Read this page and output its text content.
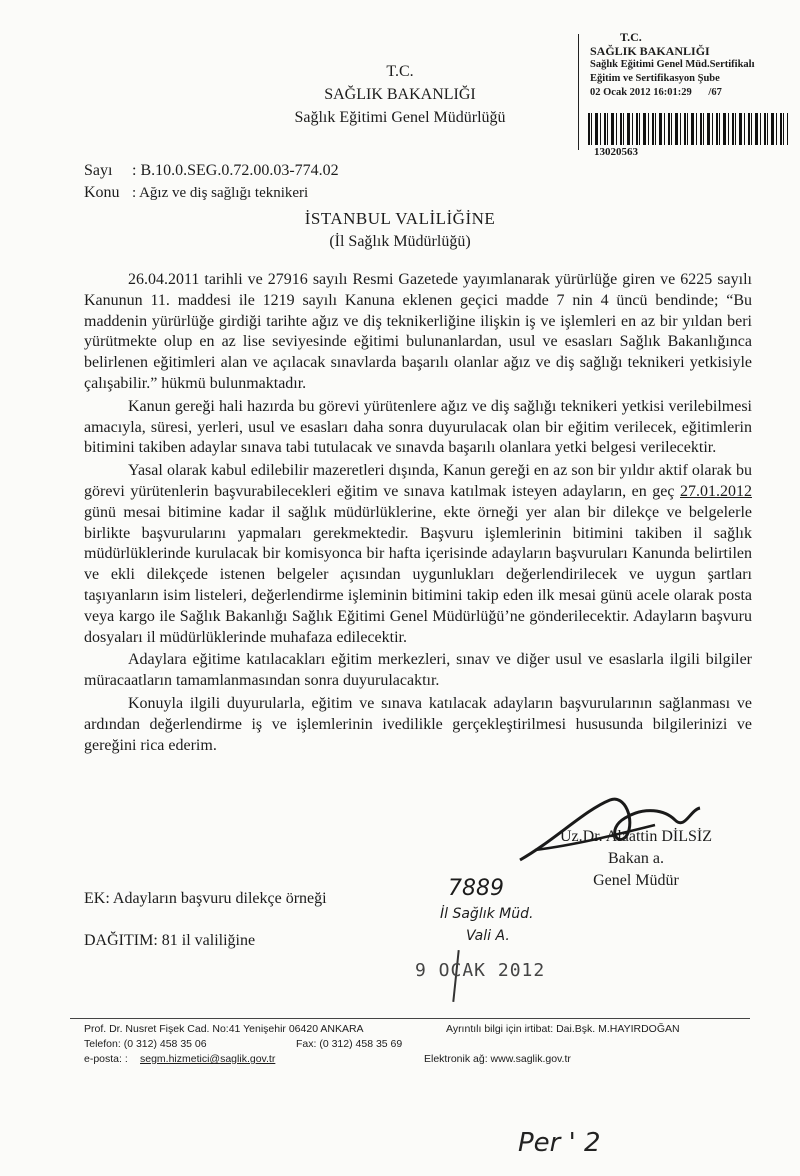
T.C.
SAĞLIK BAKANLIĞI
Sağlık Eğitimi Genel Müdürlüğü
T.C.
SAĞLIK BAKANLIĞI
Sağlık Eğitimi Genel Müd.Sertifikalı
Eğitim ve Sertifikasyon Şube
02 Ocak 2012 16:01:29 /67
13020563
Sayı : B.10.0.SEG.0.72.00.03-774.02
Konu : Ağız ve diş sağlığı teknikeri
İSTANBUL VALİLİĞİNE
(İl Sağlık Müdürlüğü)

26.04.2011 tarihli ve 27916 sayılı Resmi Gazetede yayımlanarak yürürlüğe giren ve 6225 sayılı Kanunun 11. maddesi ile 1219 sayılı Kanuna eklenen geçici madde 7 nin 4 üncü bendinde; “Bu maddenin yürürlüğe girdiği tarihte ağız ve diş teknikerliğine ilişkin iş ve işlemleri en az bir yıldan beri yürütmekte olup en az lise seviyesinde eğitimi bulunanlardan, usul ve esasları Sağlık Bakanlığınca belirlenen eğitimleri alan ve açılacak sınavlarda başarılı olanlar ağız ve diş sağlığı teknikeri yetkisiyle çalışabilir.” hükmü bulunmaktadır.

Kanun gereği hali hazırda bu görevi yürütenlere ağız ve diş sağlığı teknikeri yetkisi verilebilmesi amacıyla, süresi, yerleri, usul ve esasları daha sonra duyurulacak olan bir eğitim verilecek, eğitimlerin bitimini takiben adaylar sınava tabi tutulacak ve sınavda başarılı olanlara yetki belgesi verilecektir.

Yasal olarak kabul edilebilir mazeretleri dışında, Kanun gereği en az son bir yıldır aktif olarak bu görevi yürütenlerin başvurabilecekleri eğitim ve sınava katılmak isteyen adayların, en geç 27.01.2012 günü mesai bitimine kadar il sağlık müdürlüklerine, ekte örneği yer alan bir dilekçe ve belgelerle birlikte başvurularını yapmaları gerekmektedir. Başvuru işlemlerinin bitimini takiben il sağlık müdürlüklerinde kurulacak bir komisyonca bir hafta içerisinde adayların başvuruları Kanunda belirtilen ve ekli dilekçede istenen belgeler açısından uygunlukları değerlendirilecek ve uygun şartları taşıyanların isim listeleri, değerlendirme işleminin bitimini takip eden ilk mesai günü acele olarak posta veya kargo ile Sağlık Bakanlığı Sağlık Eğitimi Genel Müdürlüğü’ne gönderilecektir. Adayların başvuru dosyaları il müdürlüklerinde muhafaza edilecektir.

Adaylara eğitime katılacakları eğitim merkezleri, sınav ve diğer usul ve esaslarla ilgili bilgiler müracaatların tamamlanmasından sonra duyurulacaktır.

Konuyla ilgili duyurularla, eğitim ve sınava katılacak adayların başvurularının sağlanması ve ardından değerlendirme iş ve işlemlerinin ivedilikle gerçekleştirilmesi hususunda bilgilerinizi ve gereğini rica ederim.

Uz.Dr. Alaattin DİLSİZ
Bakan a.
Genel Müdür
EK: Adayların başvuru dilekçe örneği
DAĞITIM: 81 il valiliğine
7889
İl Sağlık Müd.
Vali A.
9 OCAK 2012
Prof. Dr. Nusret Fişek Cad. No:41 Yenişehir 06420 ANKARA	Ayrıntılı bilgi için irtibat: Dai.Bşk. M.HAYIRDOĞAN
Telefon: (0 312) 458 35 06	Fax: (0 312) 458 35 69
e-posta: : segm.hizmetici@saglik.gov.tr	Elektronik ağ: www.saglik.gov.tr
Per ' 2
